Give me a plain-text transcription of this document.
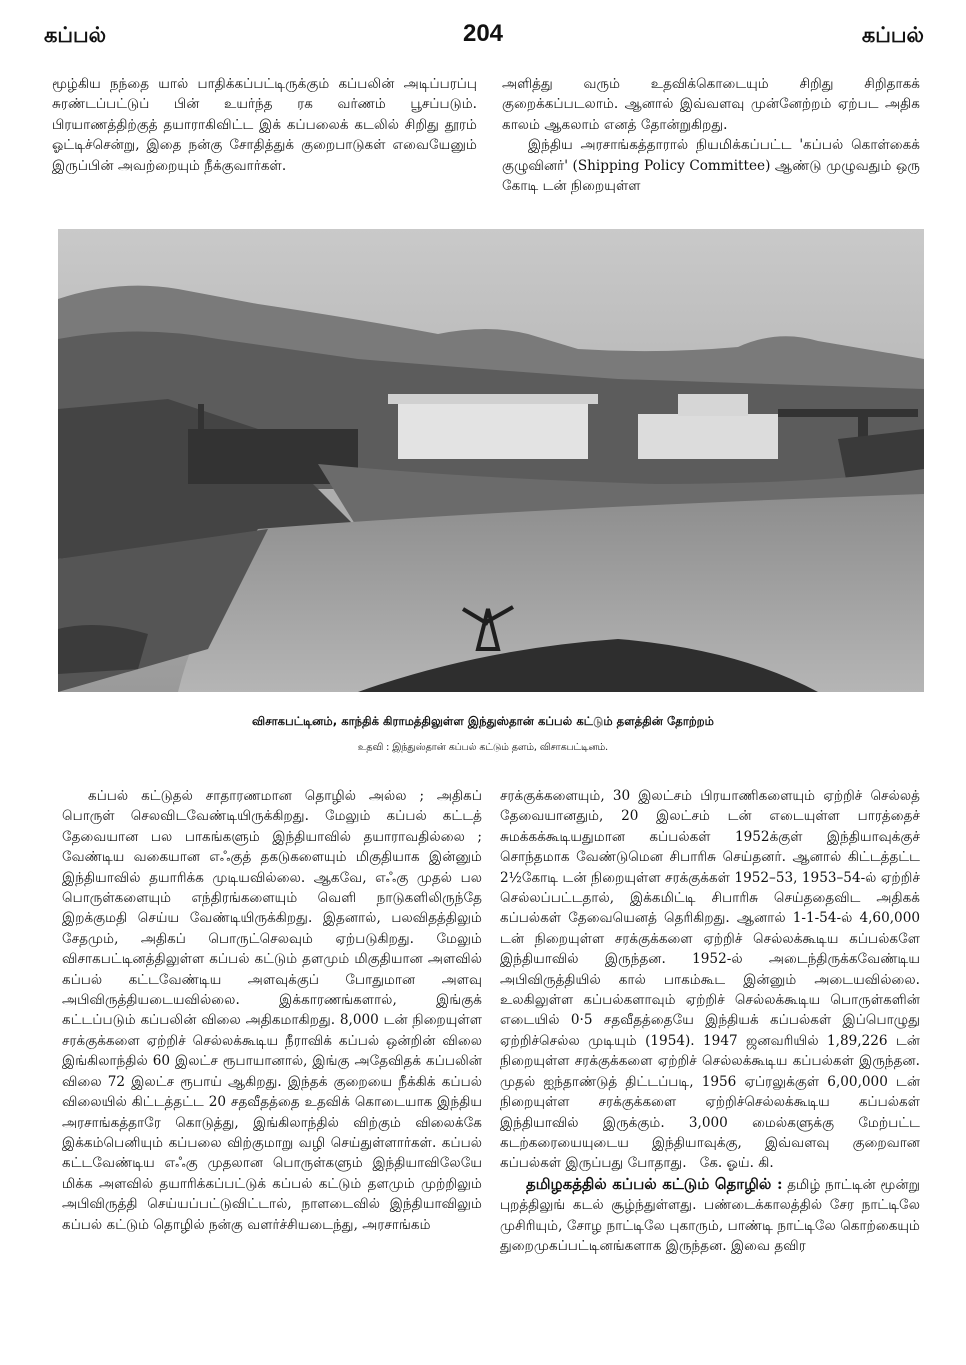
கப்பல்	204	கப்பல்

மூழ்கிய நந்தை யால் பாதிக்கப்பட்டிருக்கும் கப்பலின் அடிப்பரப்பு சுரண்டப்பட்டுப் பின் உயர்ந்த ரக வர்ணம் பூசப்படும். பிரயாணத்திற்குத் தயாராகிவிட்ட இக் கப்பலைக் கடலில் சிறிது தூரம் ஓட்டிச்சென்று, இதை நன்கு சோதித்துக் குறைபாடுகள் எவையேனும் இருப்பின் அவற்றையும் நீக்குவார்கள்.

அளித்து வரும் உதவிக்கொடையும் சிறிது சிறிதாகக் குறைக்கப்படலாம். ஆனால் இவ்வளவு முன்னேற்றம் ஏற்பட அதிக காலம் ஆகலாம் எனத் தோன்றுகிறது.

இந்திய அரசாங்கத்தாரால் நியமிக்கப்பட்ட 'கப்பல் கொள்கைக் குழுவினர்' (Shipping Policy Committee) ஆண்டு முழுவதும் ஒரு கோடி டன் நிறையுள்ள

விசாகபட்டினம், காந்திக் கிராமத்திலுள்ள இந்துஸ்தான் கப்பல் கட்டும் தளத்தின் தோற்றம்
உதவி : இந்துஸ்தான் கப்பல் கட்டும் தளம், விசாகபட்டினம்.

கப்பல் கட்டுதல் சாதாரணமான தொழில் அல்ல ; அதிகப் பொருள் செலவிடவேண்டியிருக்கிறது. மேலும் கப்பல் கட்டத் தேவையான பல பாகங்களும் இந்தியாவில் தயாராவதில்லை ; வேண்டிய வகையான எஃகுத் தகடுகளையும் மிகுதியாக இன்னும் இந்தியாவில் தயாரிக்க முடியவில்லை. ஆகவே, எஃகு முதல் பல பொருள்களையும் எந்திரங்களையும் வெளி நாடுகளிலிருந்தே இறக்குமதி செய்ய வேண்டியிருக்கிறது. இதனால், பலவிதத்திலும் சேதமும், அதிகப் பொருட்செலவும் ஏற்படுகிறது. மேலும் விசாகபட்டினத்திலுள்ள கப்பல் கட்டும் தளமும் மிகுதியான அளவில் கப்பல் கட்டவேண்டிய அளவுக்குப் போதுமான அளவு அபிவிருத்தியடையவில்லை. இக்காரணங்களால், இங்குக் கட்டப்படும் கப்பலின் விலை அதிகமாகிறது. 8,000 டன் நிறையுள்ள சரக்குக்களை ஏற்றிச் செல்லக்கூடிய நீராவிக் கப்பல் ஒன்றின் விலை இங்கிலாந்தில் 60 இலட்ச ரூபாயானால், இங்கு அதேவிதக் கப்பலின் விலை 72 இலட்ச ரூபாய் ஆகிறது. இந்தக் குறையை நீக்கிக் கப்பல் விலையில் கிட்டத்தட்ட 20 சதவீதத்தை உதவிக் கொடையாக இந்திய அரசாங்கத்தாரே கொடுத்து, இங்கிலாந்தில் விற்கும் விலைக்கே இக்கம்பெனியும் கப்பலை விற்குமாறு வழி செய்துள்ளார்கள். கப்பல் கட்டவேண்டிய எஃகு முதலான பொருள்களும் இந்தியாவிலேயே மிக்க அளவில் தயாரிக்கப்பட்டுக் கப்பல் கட்டும் தளமும் முற்றிலும் அபிவிருத்தி செய்யப்பட்டுவிட்டால், நாளடைவில் இந்தியாவிலும் கப்பல் கட்டும் தொழில் நன்கு வளர்ச்சியடைந்து, அரசாங்கம்

சரக்குக்களையும், 30 இலட்சம் பிரயாணிகளையும் ஏற்றிச் செல்லத் தேவையானதும், 20 இலட்சம் டன் எடையுள்ள பாரத்தைச் சுமக்கக்கூடியதுமான கப்பல்கள் 1952க்குள் இந்தியாவுக்குச் சொந்தமாக வேண்டுமென சிபாரிசு செய்தனர். ஆனால் கிட்டத்தட்ட 2½கோடி டன் நிறையுள்ள சரக்குக்கள் 1952–53, 1953–54-ல் ஏற்றிச் செல்லப்பட்டதால், இக்கமிட்டி சிபாரிசு செய்ததைவிட அதிகக் கப்பல்கள் தேவையெனத் தெரிகிறது. ஆனால் 1-1-54-ல் 4,60,000 டன் நிறையுள்ள சரக்குக்களை ஏற்றிச் செல்லக்கூடிய கப்பல்களே இந்தியாவில் இருந்தன. 1952-ல் அடைந்திருக்கவேண்டிய அபிவிருத்தியில் கால் பாகம்கூட இன்னும் அடையவில்லை. உலகிலுள்ள கப்பல்களாவும் ஏற்றிச் செல்லக்கூடிய பொருள்களின் எடையில் 0·5 சதவீதத்தையே இந்தியக் கப்பல்கள் இப்பொழுது ஏற்றிச்செல்ல முடியும் (1954). 1947 ஜனவரியில் 1,89,226 டன் நிறையுள்ள சரக்குக்களை ஏற்றிச் செல்லக்கூடிய கப்பல்கள் இருந்தன. முதல் ஐந்தாண்டுத் திட்டப்படி, 1956 ஏப்ரலுக்குள் 6,00,000 டன் நிறையுள்ள சரக்குக்களை ஏற்றிச்செல்லக்கூடிய கப்பல்கள் இந்தியாவில் இருக்கும். 3,000 மைல்களுக்கு மேற்பட்ட கடற்கரையையுடைய இந்தியாவுக்கு, இவ்வளவு குறைவான கப்பல்கள் இருப்பது போதாது. கே. ஓய். கி.

தமிழகத்தில் கப்பல் கட்டும் தொழில் : தமிழ் நாட்டின் மூன்று புறத்திலுங் கடல் சூழ்ந்துள்ளது. பண்டைக்காலத்தில் சேர நாட்டிலே முசிரியும், சோழ நாட்டிலே புகாரும், பாண்டி நாட்டிலே கொற்கையும் துறைமுகப்பட்டினங்களாக இருந்தன. இவை தவிர
